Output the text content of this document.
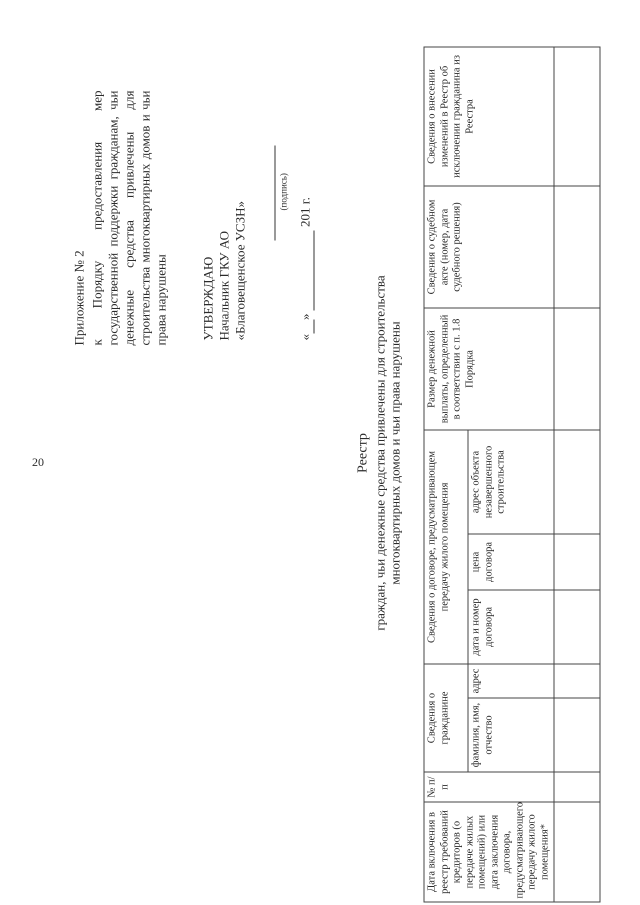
20
Приложение № 2 к Порядку предоставления мер государственной поддержки гражданам, чьи денежные средства привлечены для строительства многоквартирных домов и чьи права нарушены УТВЕРЖДАЮ Начальник ГКУ АО «Благовещенское УСЗН»
(подпись)
« »   201 г.
Реестр граждан, чьи денежные средства привлечены для строительства многоквартирных домов и чьи права нарушены
Дата включения в реестр требований кредиторов (о передаче жилых помещений) или дата заключения договора, предусматривающего передачу жилого помещения*	№ п/п	Сведения о гражданине		Сведения о договоре, предусматривающем передачу жилого помещения			Размер денежной выплаты, определенный в соответствии с п. 1.8 Порядка	Сведения о судебном акте (номер, дата судебного решения)	Сведения о внесении изменений в Реестр об исключении гражданина из Реестра
		фамилия, имя, отчество	адрес	дата и номер договора	цена договора	адрес объекта незавершенного строительства			
